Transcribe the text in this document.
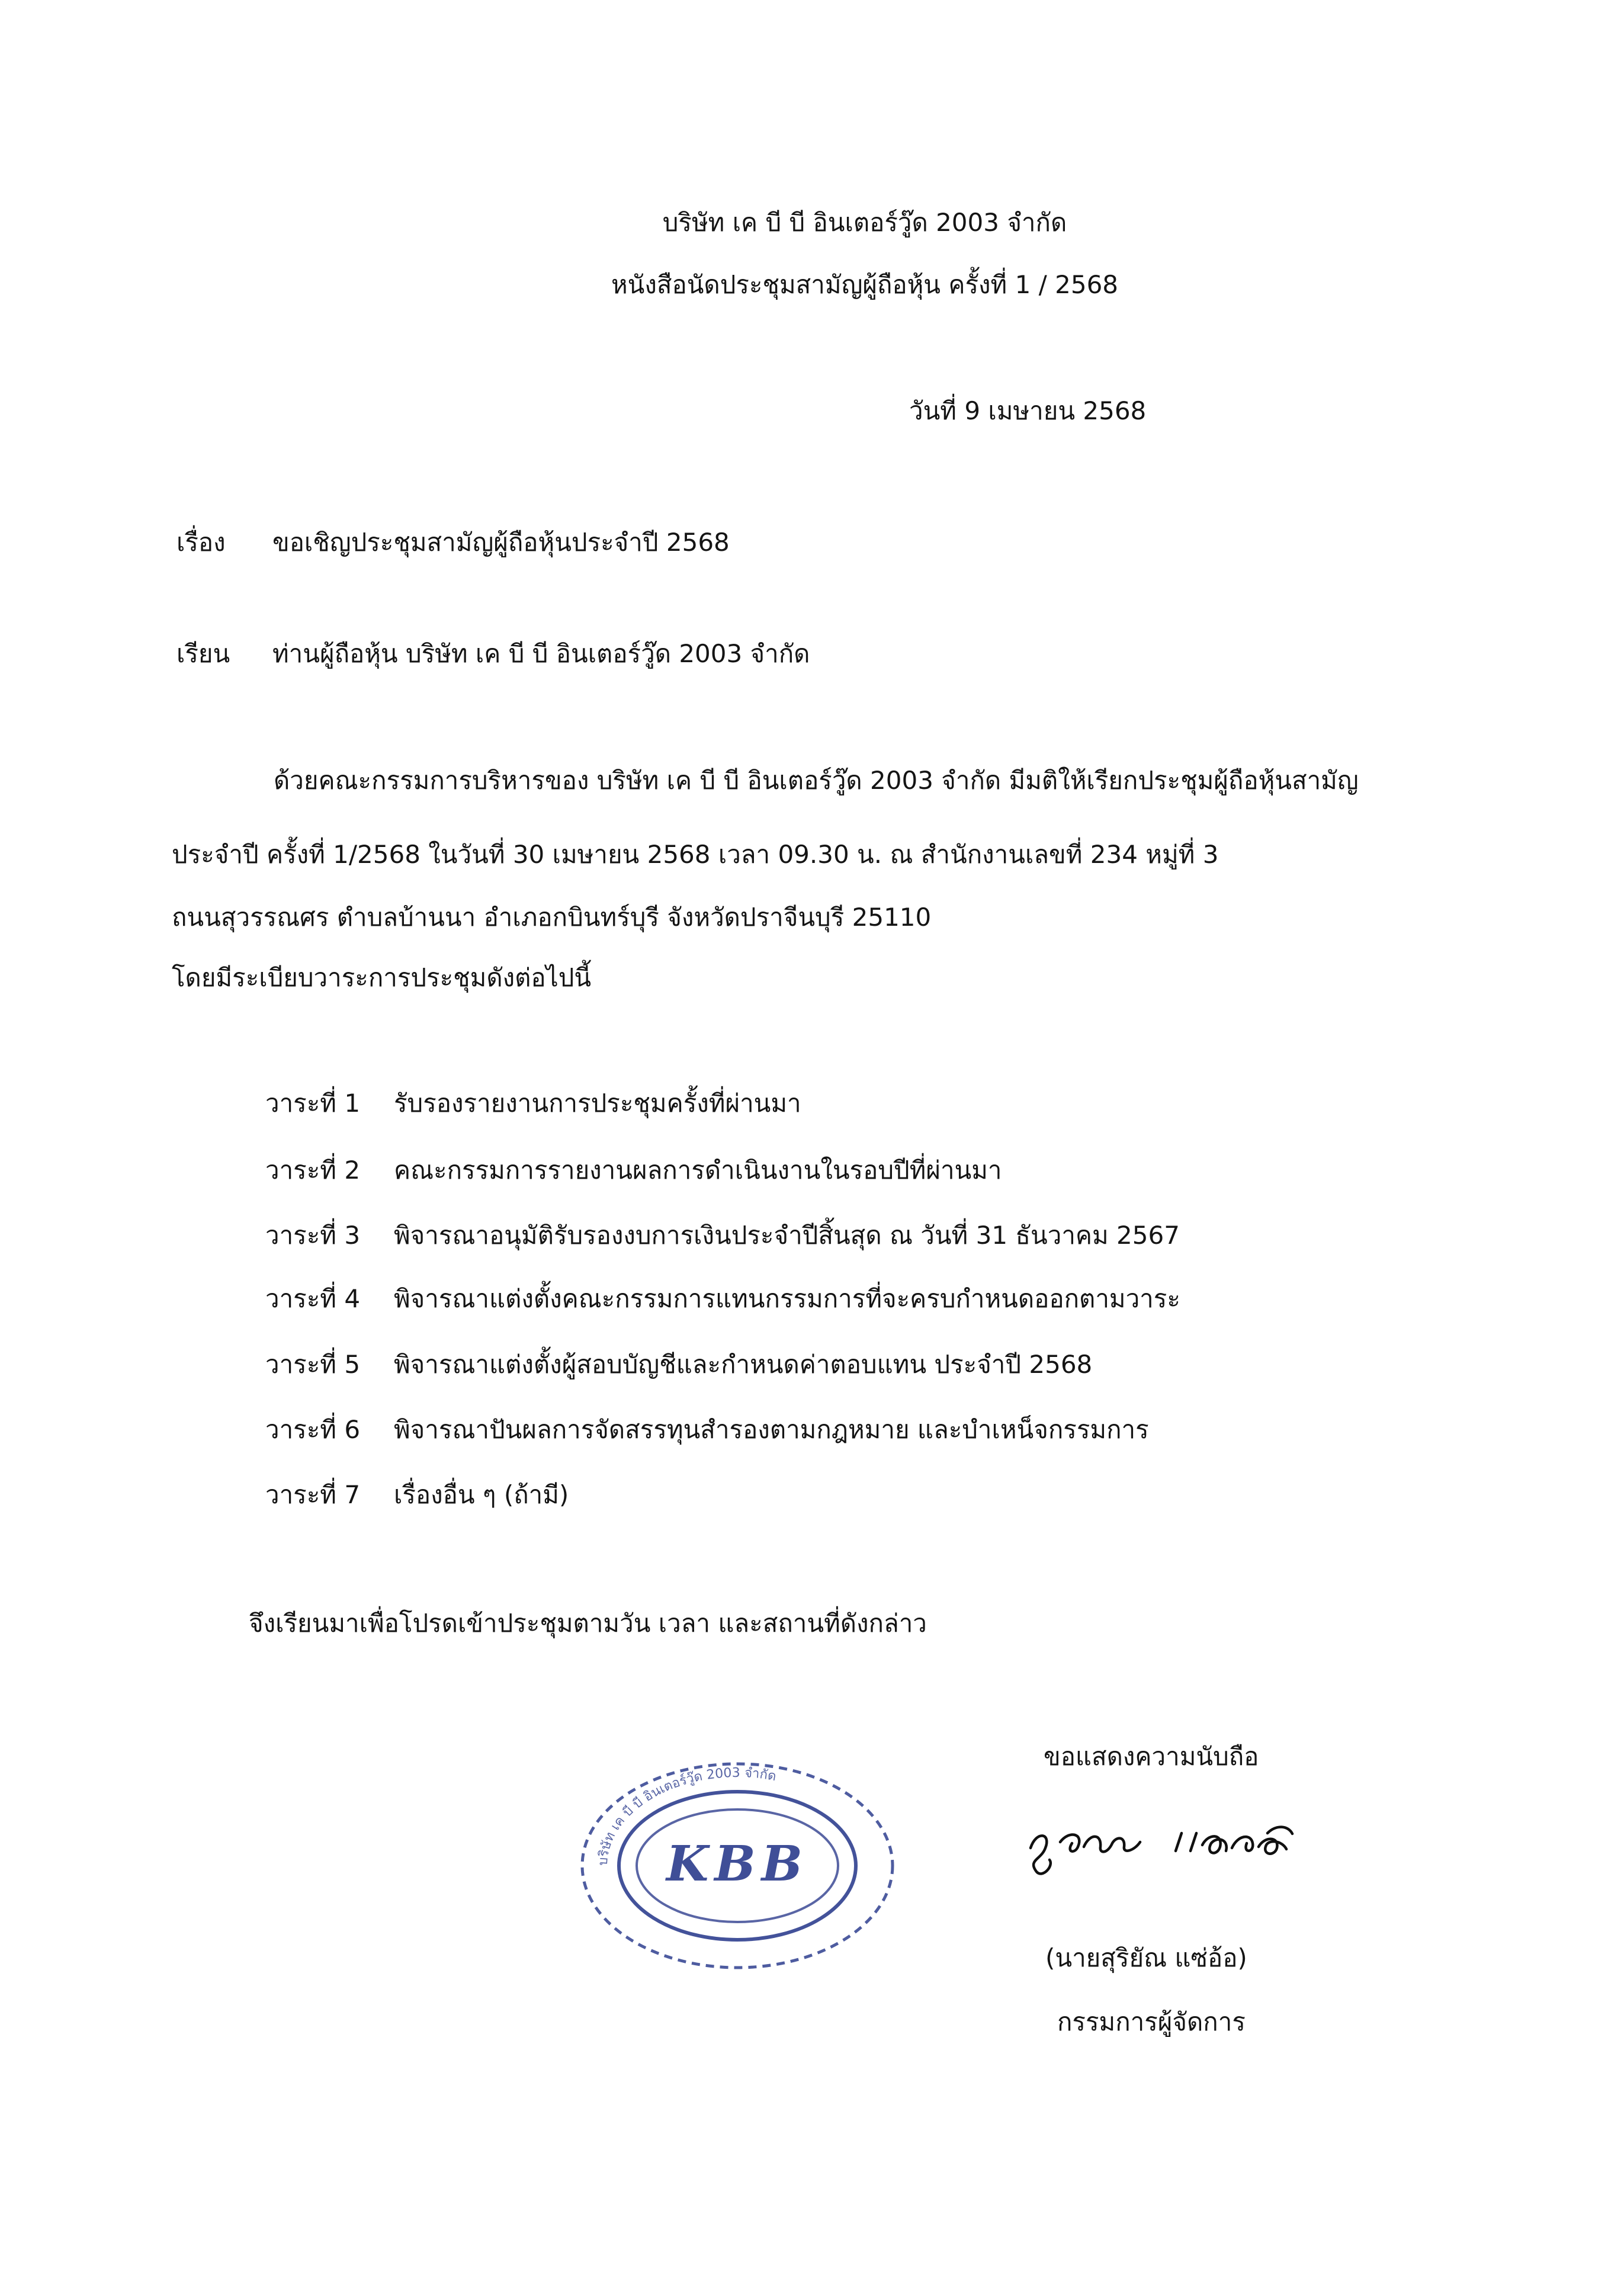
บริษัท เค บี บี อินเตอร์วู๊ด 2003 จำกัด
หนังสือนัดประชุมสามัญผู้ถือหุ้น ครั้งที่ 1 / 2568
วันที่ 9 เมษายน 2568
เรื่อง ขอเชิญประชุมสามัญผู้ถือหุ้นประจำปี 2568
เรียน ท่านผู้ถือหุ้น บริษัท เค บี บี อินเตอร์วู๊ด 2003 จำกัด
ด้วยคณะกรรมการบริหารของ บริษัท เค บี บี อินเตอร์วู๊ด 2003 จำกัด มีมติให้เรียกประชุมผู้ถือหุ้นสามัญ
ประจำปี ครั้งที่ 1/2568 ในวันที่ 30 เมษายน 2568 เวลา 09.30 น. ณ สำนักงานเลขที่ 234 หมู่ที่ 3
ถนนสุวรรณศร ตำบลบ้านนา อำเภอกบินทร์บุรี จังหวัดปราจีนบุรี 25110
โดยมีระเบียบวาระการประชุมดังต่อไปนี้
วาระที่ 1 รับรองรายงานการประชุมครั้งที่ผ่านมา
วาระที่ 2 คณะกรรมการรายงานผลการดำเนินงานในรอบปีที่ผ่านมา
วาระที่ 3 พิจารณาอนุมัติรับรองงบการเงินประจำปีสิ้นสุด ณ วันที่ 31 ธันวาคม 2567
วาระที่ 4 พิจารณาแต่งตั้งคณะกรรมการแทนกรรมการที่จะครบกำหนดออกตามวาระ
วาระที่ 5 พิจารณาแต่งตั้งผู้สอบบัญชีและกำหนดค่าตอบแทน ประจำปี 2568
วาระที่ 6 พิจารณาปันผลการจัดสรรทุนสำรองตามกฎหมาย และบำเหน็จกรรมการ
วาระที่ 7 เรื่องอื่น ๆ (ถ้ามี)
จึงเรียนมาเพื่อโปรดเข้าประชุมตามวัน เวลา และสถานที่ดังกล่าว
ขอแสดงความนับถือ
บริษัท เค บี บี อินเตอร์วู๊ด 2003 จำกัด
KBB
(นายสุริยัณ แซ่อ้อ)
กรรมการผู้จัดการ
